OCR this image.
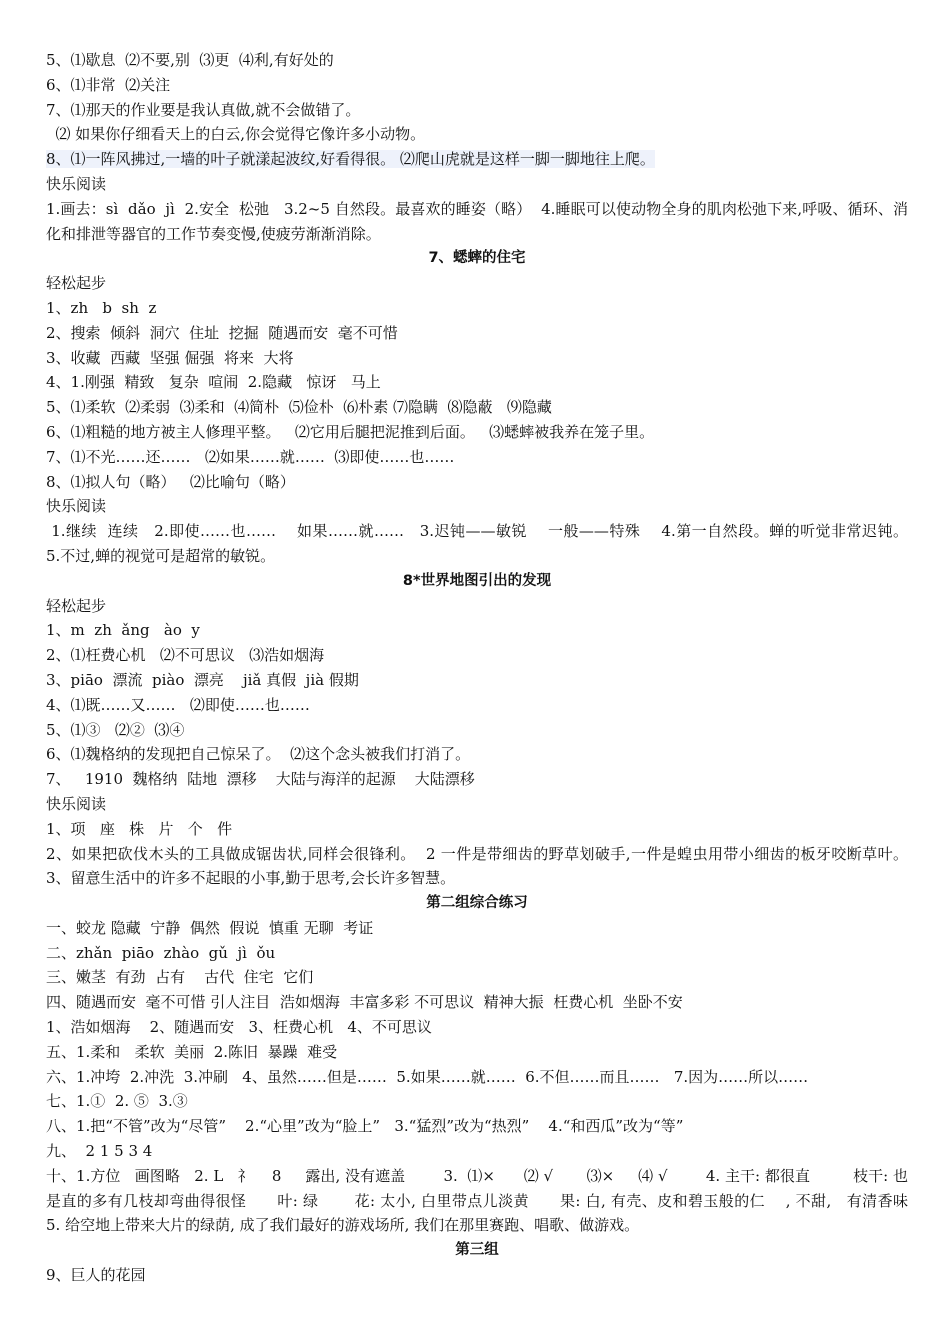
5、⑴歇息  ⑵不要,别  ⑶更  ⑷利,有好处的
6、⑴非常  ⑵关注
7、⑴那天的作业要是我认真做,就不会做错了。
⑵ 如果你仔细看天上的白云,你会觉得它像许多小动物。
8、⑴一阵风拂过,一墙的叶子就漾起波纹,好看得很。 ⑵爬山虎就是这样一脚一脚地往上爬。
快乐阅读
1.画去：sì  dǎo  jì  2.安全  松弛   3.2~5 自然段。最喜欢的睡姿（略）  4.睡眠可以使动物全身的肌肉松弛下来,呼吸、循环、消化和排泄等器官的工作节奏变慢,使疲劳渐渐消除。
7、蟋蟀的住宅
轻松起步
1、zh   b  sh  z
2、搜索  倾斜  洞穴  住址  挖掘  随遇而安  毫不可惜
3、收藏  西藏  坚强 倔强  将来  大将
4、1.刚强  精致   复杂  喧闹  2.隐藏   惊讶   马上
5、⑴柔软  ⑵柔弱  ⑶柔和  ⑷简朴  ⑸俭朴  ⑹朴素 ⑺隐瞒  ⑻隐蔽   ⑼隐藏
6、⑴粗糙的地方被主人修理平整。   ⑵它用后腿把泥推到后面。   ⑶蟋蟀被我养在笼子里。
7、⑴不光……还……   ⑵如果……就……  ⑶即使……也……
8、⑴拟人句（略）   ⑵比喻句（略）
快乐阅读
1.继续  连续   2.即使……也……    如果……就……   3.迟钝——敏锐    一般——特殊    4.第一自然段。蝉的听觉非常迟钝。    5.不过,蝉的视觉可是超常的敏锐。
8*世界地图引出的发现
轻松起步
1、m  zh  ǎng   ào  y
2、⑴枉费心机   ⑵不可思议   ⑶浩如烟海
3、piāo  漂流  piào  漂亮    jiǎ 真假  jià 假期
4、⑴既……又……   ⑵即使……也……
5、⑴③   ⑵②  ⑶④
6、⑴魏格纳的发现把自己惊呆了。  ⑵这个念头被我们打消了。
7、   1910  魏格纳  陆地  漂移    大陆与海洋的起源    大陆漂移
快乐阅读
1、项   座   株   片   个   件
2、如果把砍伐木头的工具做成锯齿状,同样会很锋利。  2 一件是带细齿的野草划破手,一件是蝗虫用带小细齿的板牙咬断草叶。   3、留意生活中的许多不起眼的小事,勤于思考,会长许多智慧。
第二组综合练习
一、蛟龙 隐藏  宁静  偶然  假说  慎重 无聊  考证
二、zhǎn  piāo  zhào  gǔ  jì  ǒu
三、嫩茎  有劲  占有    古代  住宅  它们
四、随遇而安  毫不可惜 引人注目  浩如烟海  丰富多彩 不可思议  精神大振  枉费心机  坐卧不安
1、浩如烟海    2、随遇而安   3、枉费心机   4、不可思议
五、1.柔和   柔软  美丽  2.陈旧  暴躁  难受
六、1.冲垮  2.冲洗  3.冲刷   4、虽然……但是……  5.如果……就……  6.不但……而且……   7.因为……所以……
七、1.①  2. ⑤  3.③
八、1.把“不管”改为“尽管”    2.“心里”改为“脸上”   3.“猛烈”改为“热烈”    4.“和西瓜”改为“等”
九、  2 1 5 3 4
十、1.方位   画图略   2. L   礻    8     露出, 没有遮盖        3.  ⑴×      ⑵ √       ⑶×     ⑷ √        4. 主干: 都很直         枝干: 也是直的多有几枝却弯曲得很怪      叶: 绿       花: 太小, 白里带点儿淡黄      果: 白, 有壳、皮和碧玉般的仁    , 不甜,   有清香味       5. 给空地上带来大片的绿荫, 成了我们最好的游戏场所, 我们在那里赛跑、唱歌、做游戏。
第三组
9、巨人的花园
